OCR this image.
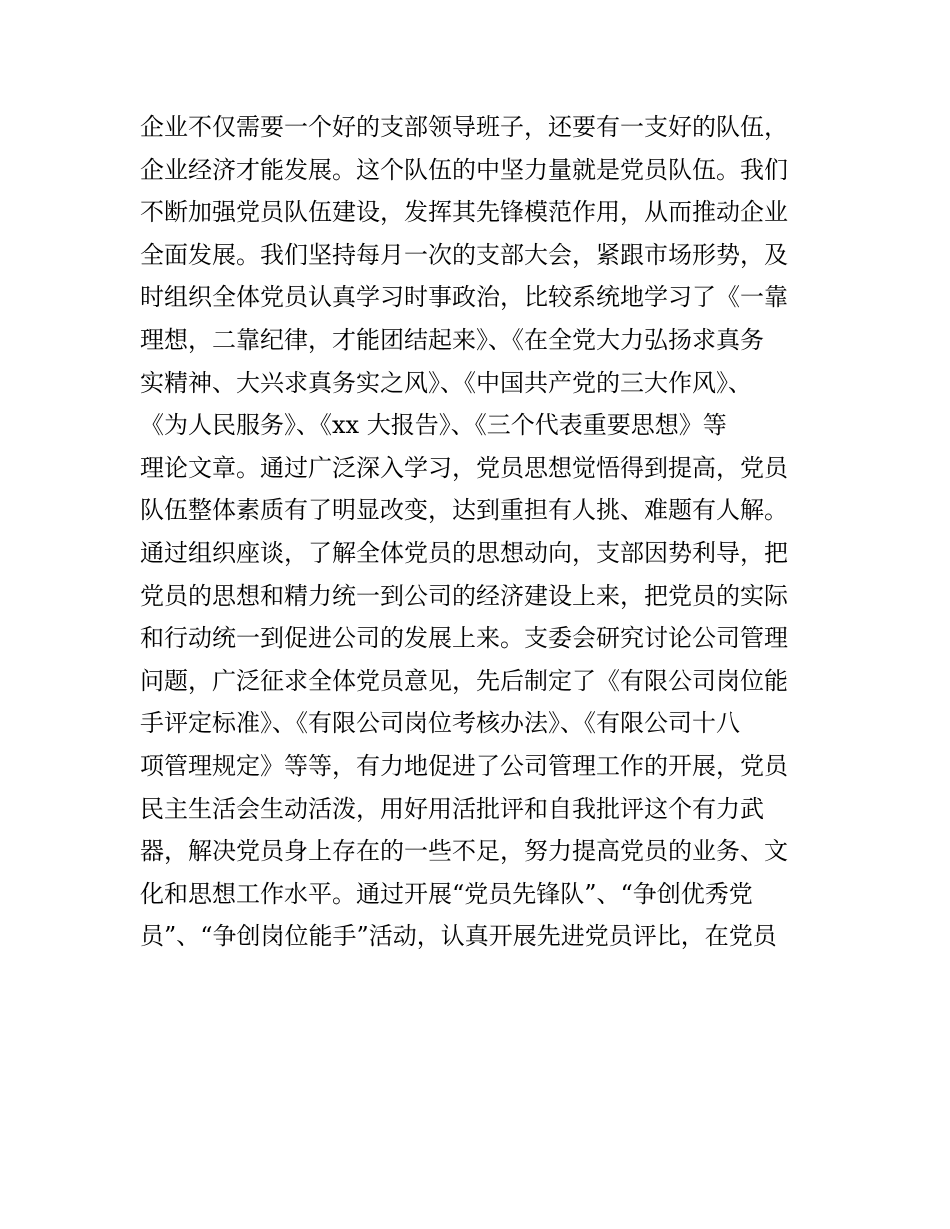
企业不仅需要一个好的支部领导班子，还要有一支好的队伍，
企业经济才能发展。这个队伍的中坚力量就是党员队伍。我们
不断加强党员队伍建设，发挥其先锋模范作用，从而推动企业
全面发展。我们坚持每月一次的支部大会，紧跟市场形势，及
时组织全体党员认真学习时事政治，比较系统地学习了《一靠
理想，二靠纪律，才能团结起来》、《在全党大力弘扬求真务
实精神、大兴求真务实之风》、《中国共产党的三大作风》、
《为人民服务》、《xx 大报告》、《三个代表重要思想》等
理论文章。通过广泛深入学习，党员思想觉悟得到提高，党员
队伍整体素质有了明显改变，达到重担有人挑、难题有人解。
通过组织座谈，了解全体党员的思想动向，支部因势利导，把
党员的思想和精力统一到公司的经济建设上来，把党员的实际
和行动统一到促进公司的发展上来。支委会研究讨论公司管理
问题，广泛征求全体党员意见，先后制定了《有限公司岗位能
手评定标准》、《有限公司岗位考核办法》、《有限公司十八
项管理规定》等等，有力地促进了公司管理工作的开展，党员
民主生活会生动活泼，用好用活批评和自我批评这个有力武
器，解决党员身上存在的一些不足，努力提高党员的业务、文
化和思想工作水平。通过开展“党员先锋队”、“争创优秀党
员”、“争创岗位能手”活动，认真开展先进党员评比，在党员
